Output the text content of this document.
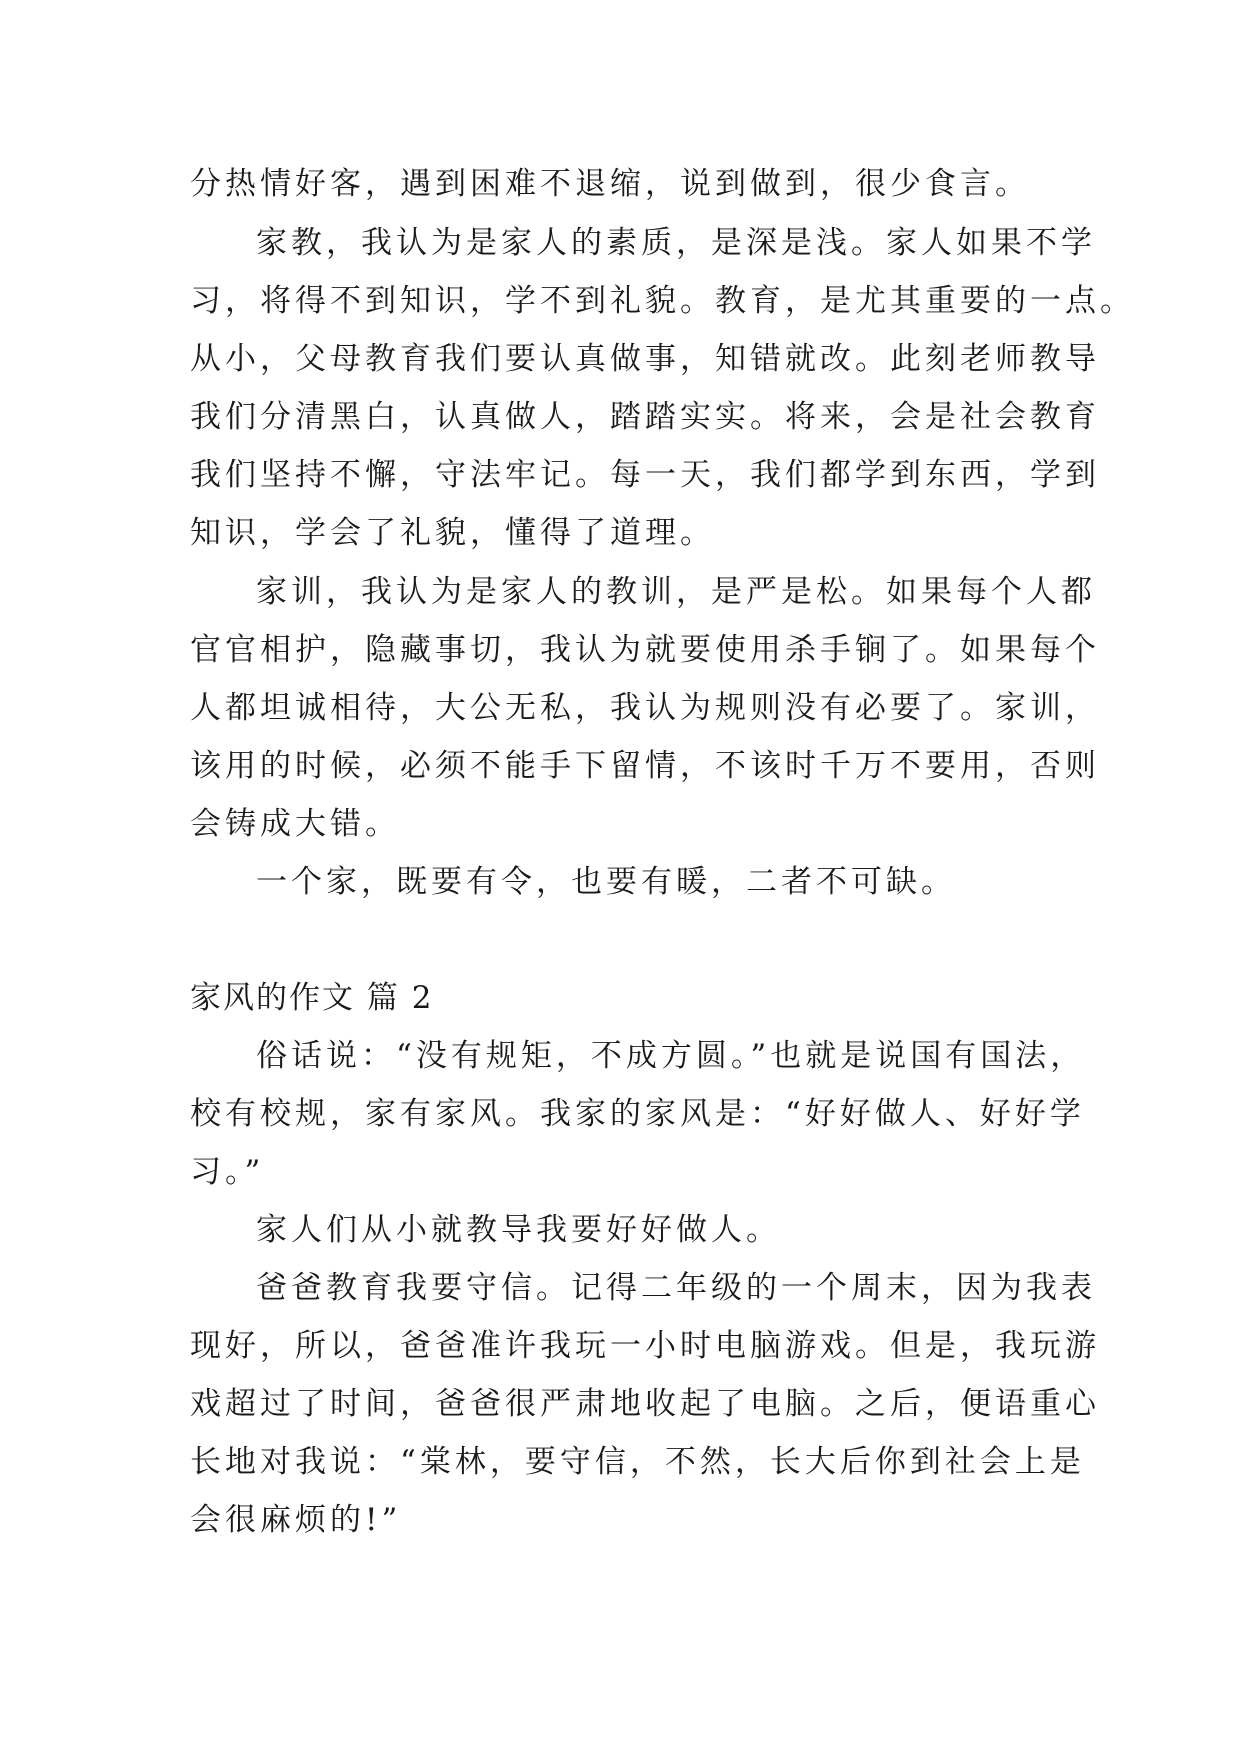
分热情好客，遇到困难不退缩，说到做到，很少食言。
家教，我认为是家人的素质，是深是浅。家人如果不学
习，将得不到知识，学不到礼貌。教育，是尤其重要的一点。
从小，父母教育我们要认真做事，知错就改。此刻老师教导
我们分清黑白，认真做人，踏踏实实。将来，会是社会教育
我们坚持不懈，守法牢记。每一天，我们都学到东西，学到
知识，学会了礼貌，懂得了道理。
家训，我认为是家人的教训，是严是松。如果每个人都
官官相护，隐藏事切，我认为就要使用杀手锏了。如果每个
人都坦诚相待，大公无私，我认为规则没有必要了。家训，
该用的时候，必须不能手下留情，不该时千万不要用，否则
会铸成大错。
一个家，既要有令，也要有暖，二者不可缺。
家风的作文 篇 2
俗话说：“没有规矩，不成方圆。”也就是说国有国法，
校有校规，家有家风。我家的家风是：“好好做人、好好学
习。”
家人们从小就教导我要好好做人。
爸爸教育我要守信。记得二年级的一个周末，因为我表
现好，所以，爸爸准许我玩一小时电脑游戏。但是，我玩游
戏超过了时间，爸爸很严肃地收起了电脑。之后，便语重心
长地对我说：“棠林，要守信，不然，长大后你到社会上是
会很麻烦的!”
